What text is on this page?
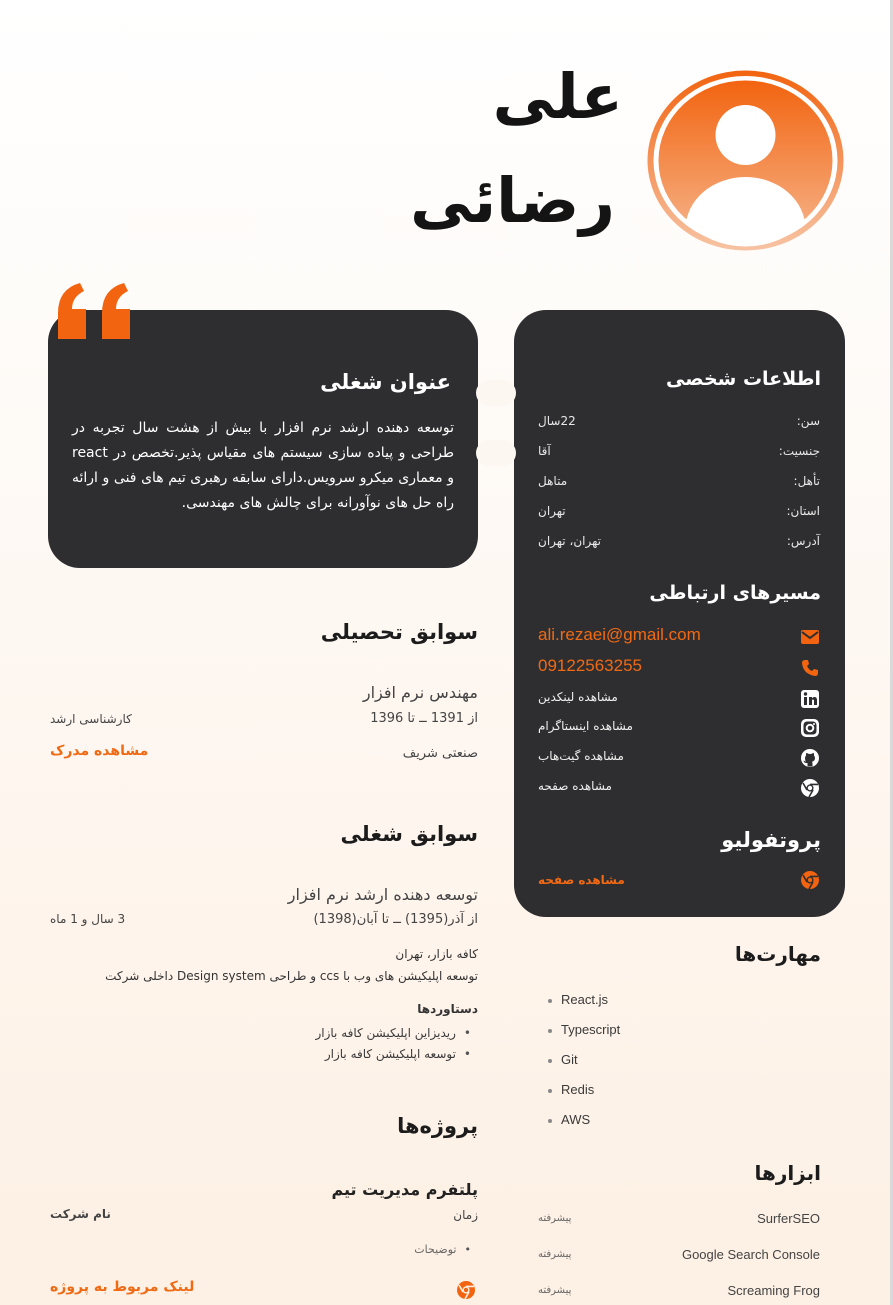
علی
رضائی
عنوان شغلی
توسعه دهنده ارشد نرم افزار با بیش از هشت سال تجربه در طراحی و پیاده سازی سیستم های مقیاس پذیر.تخصص در react و معماری میکرو سرویس.دارای سابقه رهبری تیم های فنی و ارائه راه حل های نوآورانه برای چالش های مهندسی.
اطلاعات شخصی
سن:
22سال
جنسیت:
آقا
تأهل:
متاهل
استان:
تهران
آدرس:
تهران، تهران
مسیرهای ارتباطی
ali.rezaei@gmail.com
09122563255
مشاهده لینکدین
مشاهده اینستاگرام
مشاهده گیت‌هاب
مشاهده صفحه
پروتفولیو
مشاهده صفحه
سوابق تحصیلی
مهندس نرم افزار
کارشناسی ارشد	از 1391 ــ تا 1396
مشاهده مدرک	صنعتی شریف
سوابق شغلی
توسعه دهنده ارشد نرم افزار
از آذر(1395) ــ تا آبان(1398)
3 سال و 1 ماه
کافه بازار، تهران
توسعه اپلیکیشن های وب با ccs و طراحی Design system داخلی شرکت
دستاوردها
• ریدیزاین اپلیکیشن کافه بازار
• توسعه اپلیکیشن کافه بازار
پروژه‌ها
پلتفرم مدیریت تیم
زمان
نام شرکت
• توضیحات
لینک مربوط به پروژه
مهارت‌ها
React.js
Typescript
Git
Redis
AWS
ابزارها
SurferSEO
پیشرفته
Google Search Console
پیشرفته
Screaming Frog
پیشرفته
